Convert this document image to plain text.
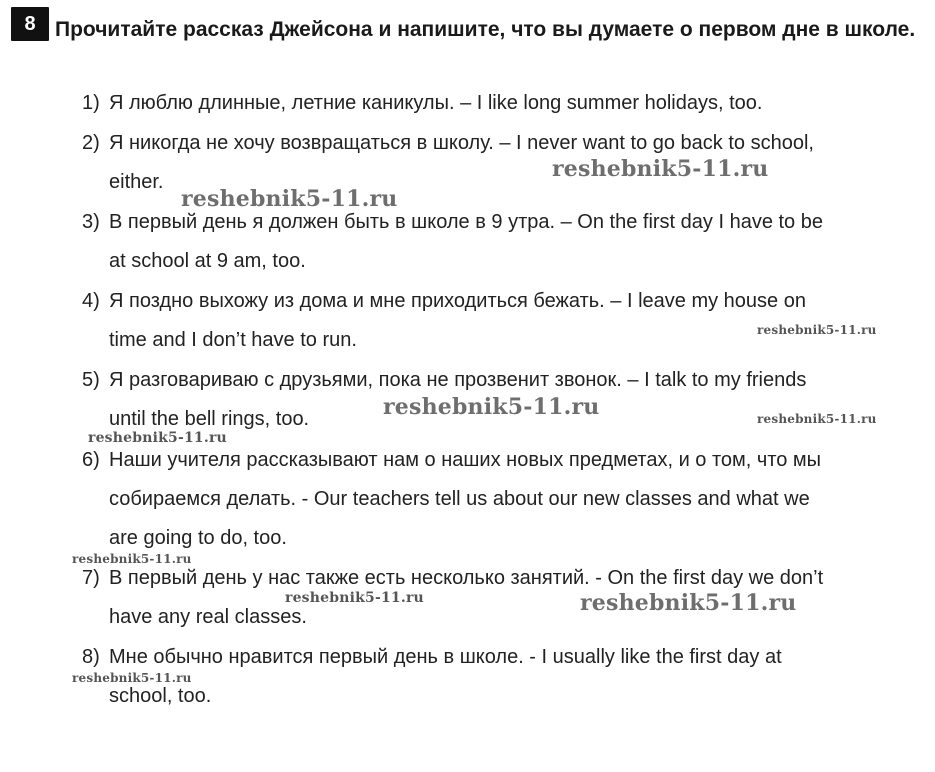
8 Прочитайте рассказ Джейсона и напишите, что вы думаете о первом дне в школе.
1) Я люблю длинные, летние каникулы. – I like long summer holidays, too.
2) Я никогда не хочу возвращаться в школу. – I never want to go back to school,
either.
3) В первый день я должен быть в школе в 9 утра. – On the first day I have to be
at school at 9 am, too.
4) Я поздно выхожу из дома и мне приходиться бежать. – I leave my house on
time and I don’t have to run.
5) Я разговариваю с друзьями, пока не прозвенит звонок. – I talk to my friends
until the bell rings, too.
6) Наши учителя рассказывают нам о наших новых предметах, и о том, что мы
собираемся делать. - Our teachers tell us about our new classes and what we
are going to do, too.
7) В первый день у нас также есть несколько занятий. - On the first day we don’t
have any real classes.
8) Мне обычно нравится первый день в школе. - I usually like the first day at
school, too.
reshebnik5-11.ru
reshebnik5-11.ru
reshebnik5-11.ru
reshebnik5-11.ru	reshebnik5-11.ru
reshebnik5-11.ru
reshebnik5-11.ru
reshebnik5-11.ru	reshebnik5-11.ru
reshebnik5-11.ru
